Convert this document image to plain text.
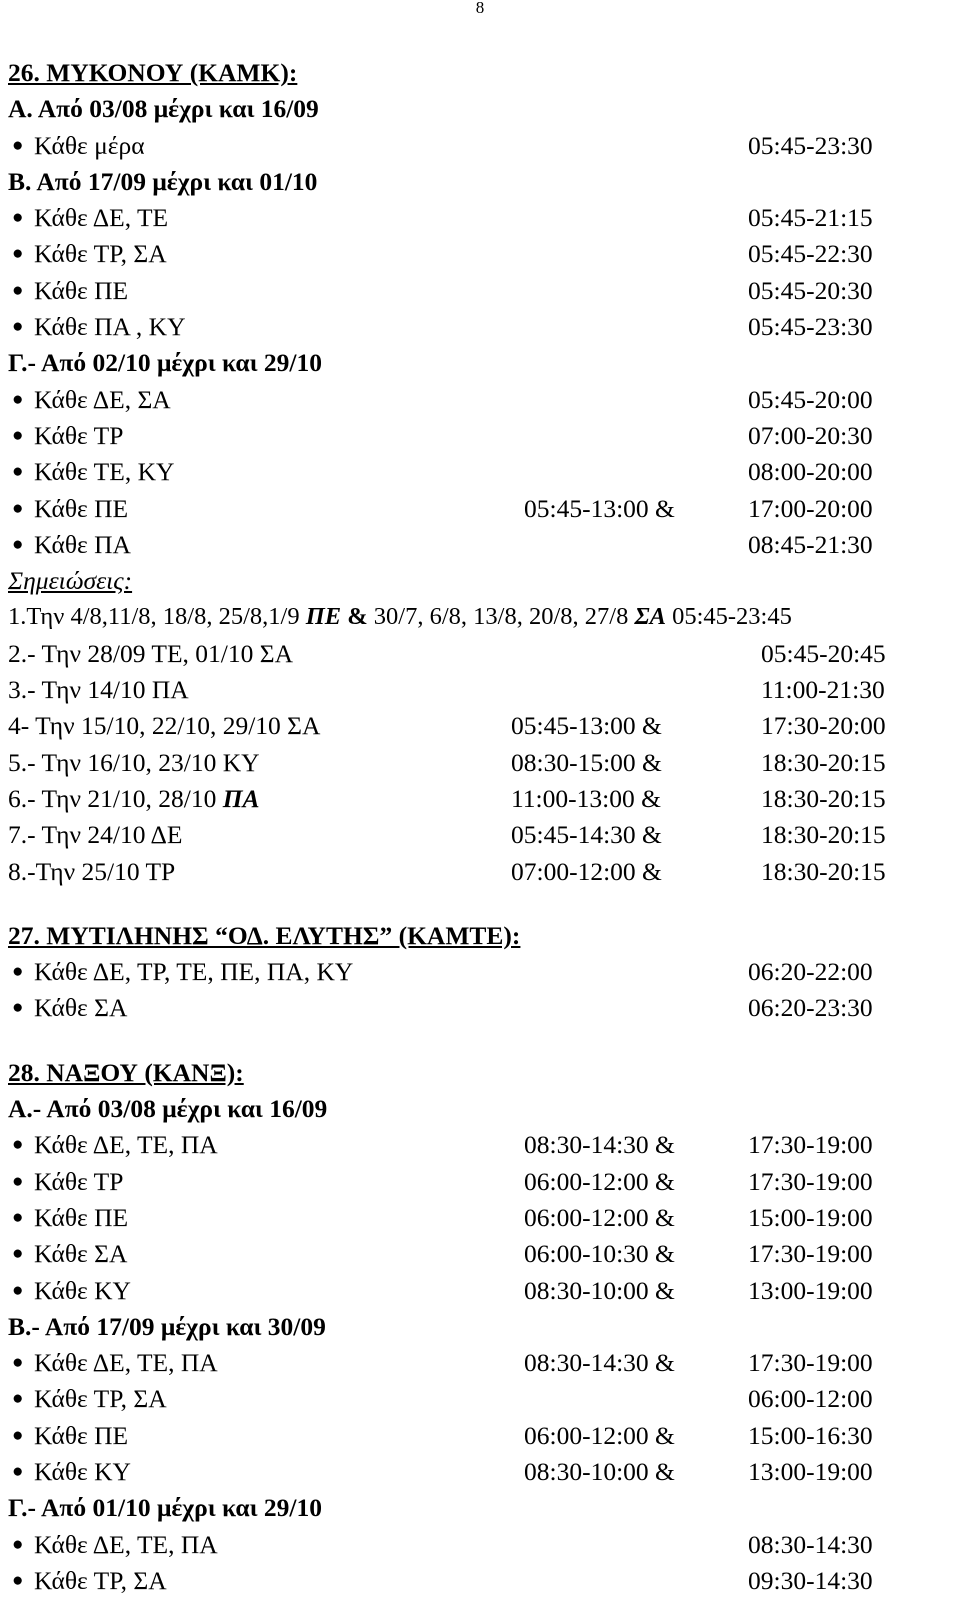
8
26. ΜΥΚΟΝΟΥ (ΚΑΜΚ):
Α. Από 03/08 μέχρι και 16/09
● Κάθε μέρα	05:45-23:30
Β. Από 17/09 μέχρι και 01/10
● Κάθε ΔΕ, ΤΕ	05:45-21:15
● Κάθε ΤΡ, ΣΑ	05:45-22:30
● Κάθε ΠΕ	05:45-20:30
● Κάθε ΠΑ , ΚΥ	05:45-23:30
Γ.- Από 02/10 μέχρι και 29/10
● Κάθε ΔΕ, ΣΑ	05:45-20:00
● Κάθε ΤΡ	07:00-20:30
● Κάθε ΤΕ, ΚΥ	08:00-20:00
● Κάθε ΠΕ	05:45-13:00 &	17:00-20:00
● Κάθε ΠΑ	08:45-21:30
Σημειώσεις:
1.Την 4/8,11/8, 18/8, 25/8,1/9 ΠΕ & 30/7, 6/8, 13/8, 20/8, 27/8 ΣΑ 05:45-23:45
2.- Την 28/09 ΤΕ, 01/10 ΣΑ	05:45-20:45
3.- Την 14/10 ΠΑ	11:00-21:30
4- Την 15/10, 22/10, 29/10 ΣΑ	05:45-13:00 &	17:30-20:00
5.- Την 16/10, 23/10 ΚΥ	08:30-15:00 &	18:30-20:15
6.- Την 21/10, 28/10 ΠΑ	11:00-13:00 &	18:30-20:15
7.- Την 24/10 ΔΕ	05:45-14:30 &	18:30-20:15
8.-Την 25/10 ΤΡ	07:00-12:00 &	18:30-20:15
27. ΜΥΤΙΛΗΝΗΣ “ΟΔ. ΕΛΥΤΗΣ” (ΚΑΜΤΕ):
● Κάθε ΔΕ, ΤΡ, ΤΕ, ΠΕ, ΠΑ, ΚΥ	06:20-22:00
● Κάθε ΣΑ	06:20-23:30
28. ΝΑΞΟΥ (ΚΑΝΞ):
Α.- Από 03/08 μέχρι και 16/09
● Κάθε ΔΕ, ΤΕ, ΠΑ	08:30-14:30 &	17:30-19:00
● Κάθε ΤΡ	06:00-12:00 &	17:30-19:00
● Κάθε ΠΕ	06:00-12:00 &	15:00-19:00
● Κάθε ΣΑ	06:00-10:30 &	17:30-19:00
● Κάθε ΚΥ	08:30-10:00 &	13:00-19:00
Β.- Από 17/09 μέχρι και 30/09
● Κάθε ΔΕ, ΤΕ, ΠΑ	08:30-14:30 &	17:30-19:00
● Κάθε ΤΡ, ΣΑ	06:00-12:00
● Κάθε ΠΕ	06:00-12:00 &	15:00-16:30
● Κάθε ΚΥ	08:30-10:00 &	13:00-19:00
Γ.- Από 01/10 μέχρι και 29/10
● Κάθε ΔΕ, ΤΕ, ΠΑ	08:30-14:30
● Κάθε ΤΡ, ΣΑ	09:30-14:30
